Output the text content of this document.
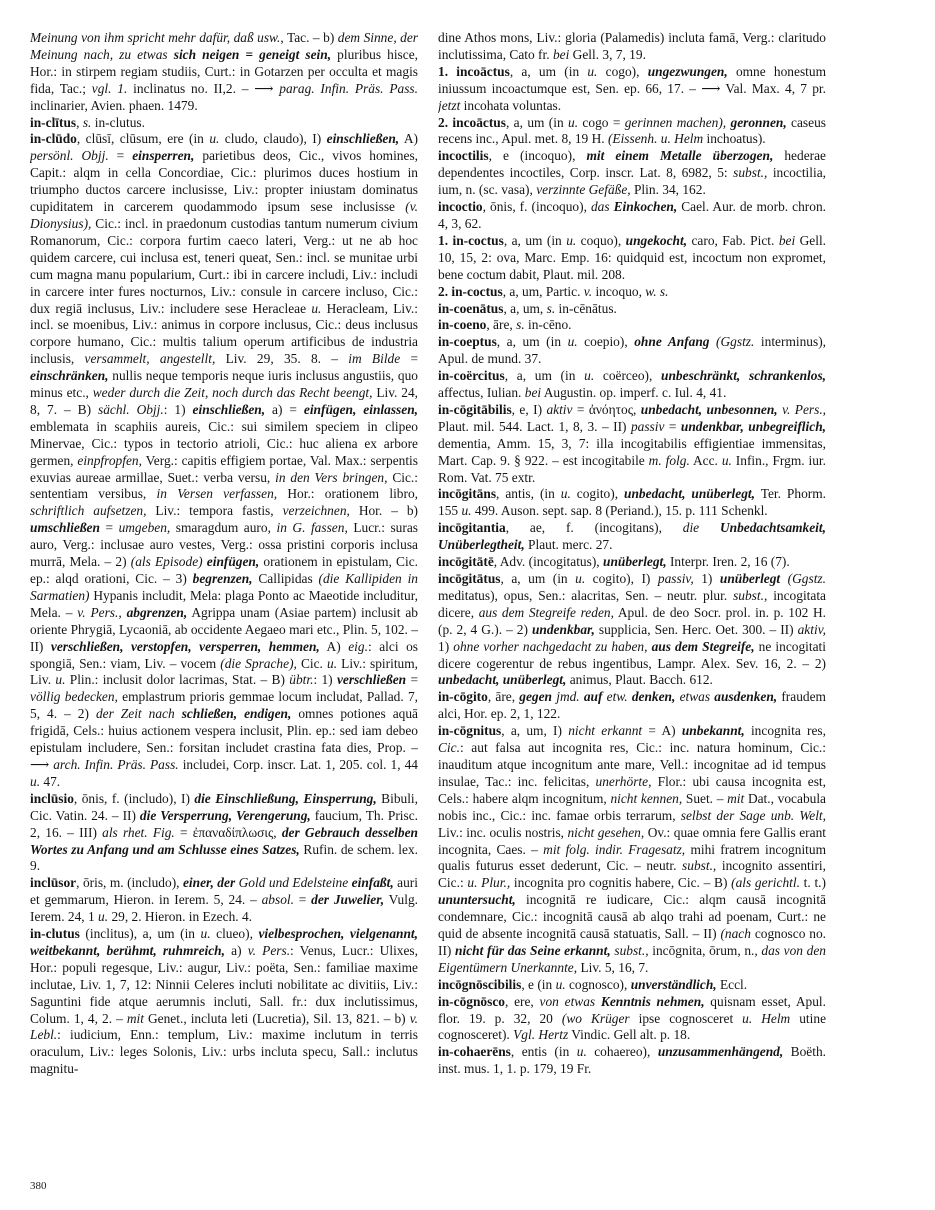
Meinung von ihm spricht mehr dafür, daß usw., Tac. – b) dem Sinne, der Meinung nach, zu etwas sich neigen = geneigt sein, pluribus hisce, Hor.: in stirpem regiam studiis, Curt.: in Gotarzen per occulta et magis fida, Tac.; vgl. 1. inclinatus no. II,2. – ⟶ parag. Infin. Präs. Pass. inclinarier, Avien. phaen. 1479.

in-clītus, s. in-clutus.

in-clūdo, clūsī, clūsum, ere (in u. cludo, claudo), I) einschließen, A) persönl. Objj. = einsperren, parietibus deos, Cic., vivos homines, Capit.: alqm in cella Concordiae, Cic.: plurimos duces hostium in triumpho ductos carcere inclusisse, Liv.: propter iniustam dominatus cupiditatem in carcerem quodammodo ipsum sese inclusisse (v. Dionysius), Cic.: incl. in praedonum custodias tantum numerum civium Romanorum, Cic.: corpora furtim caeco lateri, Verg.: ut ne ab hoc quidem carcere, cui inclusa est, teneri queat, Sen.: incl. se munitae urbi cum magna manu popularium, Curt.: ibi in carcere includi, Liv.: includi in carcere inter fures nocturnos, Liv.: consule in carcere incluso, Cic.: dux regiā inclusus, Liv.: includere sese Heracleae u. Heracleam, Liv.: incl. se moenibus, Liv.: animus in corpore inclusus, Cic.: deus inclusus corpore humano, Cic.: multis talium operum artificibus de industria inclusis, versammelt, angestellt, Liv. 29, 35. 8. – im Bilde = einschränken, nullis neque temporis neque iuris inclusus angustiis, quo minus etc., weder durch die Zeit, noch durch das Recht beengt, Liv. 24, 8, 7. – B) sächl. Objj.: 1) einschließen, a) = einfügen, einlassen, emblemata in scaphiis aureis, Cic.: sui similem speciem in clipeo Minervae, Cic.: typos in tectorio atrioli, Cic.: huc aliena ex arbore germen, einpfropfen, Verg.: capitis effigiem portae, Val. Max.: serpentis exuvias aureae armillae, Suet.: verba versu, in den Vers bringen, Cic.: sententiam versibus, in Versen verfassen, Hor.: orationem libro, schriftlich aufsetzen, Liv.: tempora fastis, verzeichnen, Hor. – b) umschließen = umgeben, smaragdum auro, in G. fassen, Lucr.: suras auro, Verg.: inclusae auro vestes, Verg.: ossa pristini corporis inclusa murrā, Mela. – 2) (als Episode) einfügen, orationem in epistulam, Cic. ep.: alqd orationi, Cic. – 3) begrenzen, Callipidas (die Kallipiden in Sarmatien) Hypanis includit, Mela: plaga Ponto ac Maeotide includitur, Mela. – v. Pers., abgrenzen, Agrippa unam (Asiae partem) inclusit ab oriente Phrygiā, Lycaoniā, ab occidente Aegaeo mari etc., Plin. 5, 102. – II) verschließen, verstopfen, versperren, hemmen, A) eig.: alci os spongiā, Sen.: viam, Liv. – vocem (die Sprache), Cic. u. Liv.: spiritum, Liv. u. Plin.: inclusit dolor lacrimas, Stat. – B) übtr.: 1) verschließen = völlig bedecken, emplastrum prioris gemmae locum includat, Pallad. 7, 5, 4. – 2) der Zeit nach schließen, endigen, omnes potiones aquā frigidā, Cels.: huius actionem vespera inclusit, Plin. ep.: sed iam debeo epistulam includere, Sen.: forsitan includet crastina fata dies, Prop. – ⟶ arch. Infin. Präs. Pass. includei, Corp. inscr. Lat. 1, 205. col. 1, 44 u. 47.

inclūsio, ōnis, f. (includo), I) die Einschließung, Einsperrung, Bibuli, Cic. Vatin. 24. – II) die Versperrung, Verengerung, faucium, Th. Prisc. 2, 16. – III) als rhet. Fig. = ἐπαναδίπλωσις, der Gebrauch desselben Wortes zu Anfang und am Schlusse eines Satzes, Rufin. de schem. lex. 9.

inclūsor, ōris, m. (includo), einer, der Gold und Edelsteine einfaßt, auri et gemmarum, Hieron. in Ierem. 5, 24. – absol. = der Juwelier, Vulg. Ierem. 24, 1 u. 29, 2. Hieron. in Ezech. 4.

in-clutus (inclitus), a, um (in u. clueo), vielbesprochen, vielgenannt, weitbekannt, berühmt, ruhmreich, a) v. Pers.: Venus, Lucr.: Ulixes, Hor.: populi regesque, Liv.: augur, Liv.: poëta, Sen.: familiae maxime inclutae, Liv. 1, 7, 12: Ninnii Celeres incluti nobilitate ac divitiis, Liv.: Saguntini fide atque aerumnis incluti, Sall. fr.: dux inclutissimus, Colum. 1, 4, 2. – mit Genet., incluta leti (Lucretia), Sil. 13, 821. – b) v. Lebl.: iudicium, Enn.: templum, Liv.: maxime inclutum in terris oraculum, Liv.: leges Solonis, Liv.: urbs incluta specu, Sall.: inclutus magnitu-

dine Athos mons, Liv.: gloria (Palamedis) incluta famā, Verg.: claritudo inclutissima, Cato fr. bei Gell. 3, 7, 19.

1. incoāctus, a, um (in u. cogo), ungezwungen, omne honestum iniussum incoactumque est, Sen. ep. 66, 17. – ⟶ Val. Max. 4, 7 pr. jetzt incohata voluntas.

2. incoāctus, a, um (in u. cogo = gerinnen machen), geronnen, caseus recens inc., Apul. met. 8, 19 H. (Eissenh. u. Helm inchoatus).

incoctilis, e (incoquo), mit einem Metalle überzogen, hederae dependentes incoctiles, Corp. inscr. Lat. 8, 6982, 5: subst., incoctilia, ium, n. (sc. vasa), verzinnte Gefäße, Plin. 34, 162.

incoctio, ōnis, f. (incoquo), das Einkochen, Cael. Aur. de morb. chron. 4, 3, 62.

1. in-coctus, a, um (in u. coquo), ungekocht, caro, Fab. Pict. bei Gell. 10, 15, 2: ova, Marc. Emp. 16: quidquid est, incoctum non expromet, bene coctum dabit, Plaut. mil. 208.

2. in-coctus, a, um, Partic. v. incoquo, w. s.

in-coenātus, a, um, s. in-cēnātus.

in-coeno, āre, s. in-cēno.

in-coeptus, a, um (in u. coepio), ohne Anfang (Ggstz. interminus), Apul. de mund. 37.

in-coërcitus, a, um (in u. coërceo), unbeschränkt, schrankenlos, affectus, Iulian. bei Augustin. op. imperf. c. Iul. 4, 41.

in-cōgitābilis, e, I) aktiv = ἀνόητος, unbedacht, unbesonnen, v. Pers., Plaut. mil. 544. Lact. 1, 8, 3. – II) passiv = undenkbar, unbegreiflich, dementia, Amm. 15, 3, 7: illa incogitabilis effigientiae immensitas, Mart. Cap. 9. § 922. – est incogitabile m. folg. Acc. u. Infin., Frgm. iur. Rom. Vat. 75 extr.

incōgitāns, antis, (in u. cogito), unbedacht, unüberlegt, Ter. Phorm. 155 u. 499. Auson. sept. sap. 8 (Periand.), 15. p. 111 Schenkl.

incōgitantia, ae, f. (incogitans), die Unbedachtsamkeit, Unüberlegtheit, Plaut. merc. 27.

incōgitātē, Adv. (incogitatus), unüberlegt, Interpr. Iren. 2, 16 (7).

incōgitātus, a, um (in u. cogito), I) passiv, 1) unüberlegt (Ggstz. meditatus), opus, Sen.: alacritas, Sen. – neutr. plur. subst., incogitata dicere, aus dem Stegreife reden, Apul. de deo Socr. prol. in. p. 102 H. (p. 2, 4 G.). – 2) undenkbar, supplicia, Sen. Herc. Oet. 300. – II) aktiv, 1) ohne vorher nachgedacht zu haben, aus dem Stegreife, ne incogitati dicere cogerentur de rebus ingentibus, Lampr. Alex. Sev. 16, 2. – 2) unbedacht, unüberlegt, animus, Plaut. Bacch. 612.

in-cōgito, āre, gegen jmd. auf etw. denken, etwas ausdenken, fraudem alci, Hor. ep. 2, 1, 122.

in-cōgnitus, a, um, I) nicht erkannt = A) unbekannt, incognita res, Cic.: aut falsa aut incognita res, Cic.: inc. natura hominum, Cic.: inauditum atque incognitum ante mare, Vell.: incognitae ad id tempus insulae, Tac.: inc. felicitas, unerhörte, Flor.: ubi causa incognita est, Cels.: habere alqm incognitum, nicht kennen, Suet. – mit Dat., vocabula nobis inc., Cic.: inc. famae orbis terrarum, selbst der Sage unb. Welt, Liv.: inc. oculis nostris, nicht gesehen, Ov.: quae omnia fere Gallis erant incognita, Caes. – mit folg. indir. Fragesatz, mihi fratrem incognitum qualis futurus esset dederunt, Cic. – neutr. subst., incognito assentiri, Cic.: u. Plur., incognita pro cognitis habere, Cic. – B) (als gerichtl. t. t.) ununtersucht, incognitā re iudicare, Cic.: alqm causā incognitā condemnare, Cic.: incognitā causā ab alqo trahi ad poenam, Curt.: ne quid de absente incognitā causā statuatis, Sall. – II) (nach cognosco no. II) nicht für das Seine erkannt, subst., incōgnita, ōrum, n., das von den Eigentümern Unerkannte, Liv. 5, 16, 7.

incōgnōscibilis, e (in u. cognosco), unverständlich, Eccl.

in-cōgnōsco, ere, von etwas Kenntnis nehmen, quisnam esset, Apul. flor. 19. p. 32, 20 (wo Krüger ipse cognosceret u. Helm utine cognosceret). Vgl. Hertz Vindic. Gell alt. p. 18.

in-cohaerēns, entis (in u. cohaereo), unzusammenhängend, Boëth. inst. mus. 1, 1. p. 179, 19 Fr.

380
